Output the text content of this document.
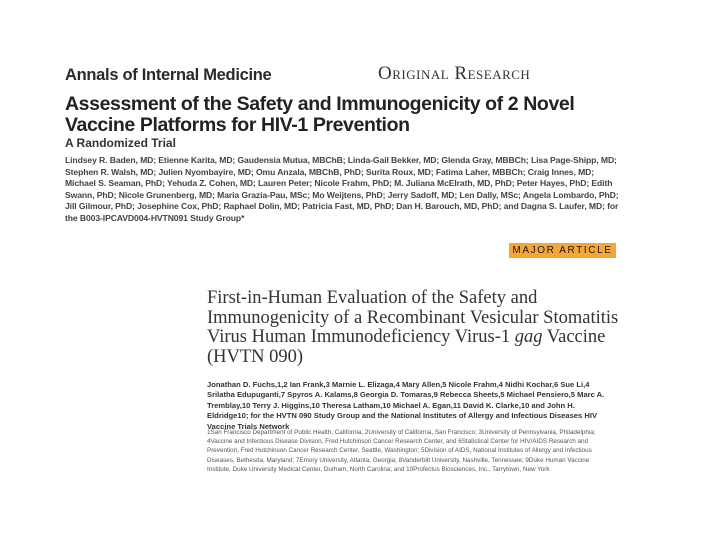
Annals of Internal Medicine	Original Research
Assessment of the Safety and Immunogenicity of 2 Novel Vaccine Platforms for HIV-1 Prevention
A Randomized Trial
Lindsey R. Baden, MD; Etienne Karita, MD; Gaudensia Mutua, MBChB; Linda-Gail Bekker, MD; Glenda Gray, MBBCh; Lisa Page-Shipp, MD; Stephen R. Walsh, MD; Julien Nyombayire, MD; Omu Anzala, MBChB, PhD; Surita Roux, MD; Fatima Laher, MBBCh; Craig Innes, MD; Michael S. Seaman, PhD; Yehuda Z. Cohen, MD; Lauren Peter; Nicole Frahm, PhD; M. Juliana McElrath, MD, PhD; Peter Hayes, PhD; Edith Swann, PhD; Nicole Grunenberg, MD; Maria Grazia-Pau, MSc; Mo Weijtens, PhD; Jerry Sadoff, MD; Len Dally, MSc; Angela Lombardo, PhD; Jill Gilmour, PhD; Josephine Cox, PhD; Raphael Dolin, MD; Patricia Fast, MD, PhD; Dan H. Barouch, MD, PhD; and Dagna S. Laufer, MD; for the B003-IPCAVD004-HVTN091 Study Group*
MAJOR ARTICLE
First-in-Human Evaluation of the Safety and Immunogenicity of a Recombinant Vesicular Stomatitis Virus Human Immunodeficiency Virus-1 gag Vaccine (HVTN 090)
Jonathan D. Fuchs,1,2 Ian Frank,3 Marnie L. Elizaga,4 Mary Allen,5 Nicole Frahm,4 Nidhi Kochar,6 Sue Li,4 Srilatha Edupuganti,7 Spyros A. Kalams,8 Georgia D. Tomaras,9 Rebecca Sheets,5 Michael Pensiero,5 Marc A. Tremblay,10 Terry J. Higgins,10 Theresa Latham,10 Michael A. Egan,11 David K. Clarke,10 and John H. Eldridge10; for the HVTN 090 Study Group and the National Institutes of Allergy and Infectious Diseases HIV Vaccine Trials Network
1San Francisco Department of Public Health, California; 2University of California, San Francisco; 3University of Pennsylvania, Philadelphia; 4Vaccine and Infectious Disease Division, Fred Hutchinson Cancer Research Center, and 6Statistical Center for HIV/AIDS Research and Prevention, Fred Hutchinson Cancer Research Center, Seattle, Washington; 5Division of AIDS, National Institutes of Allergy and Infectious Diseases, Bethesda, Maryland; 7Emory University, Atlanta, Georgia; 8Vanderbilt University, Nashville, Tennessee; 9Duke Human Vaccine Institute, Duke University Medical Center, Durham, North Carolina; and 10Profectus Biosciences, Inc., Tarrytown, New York
